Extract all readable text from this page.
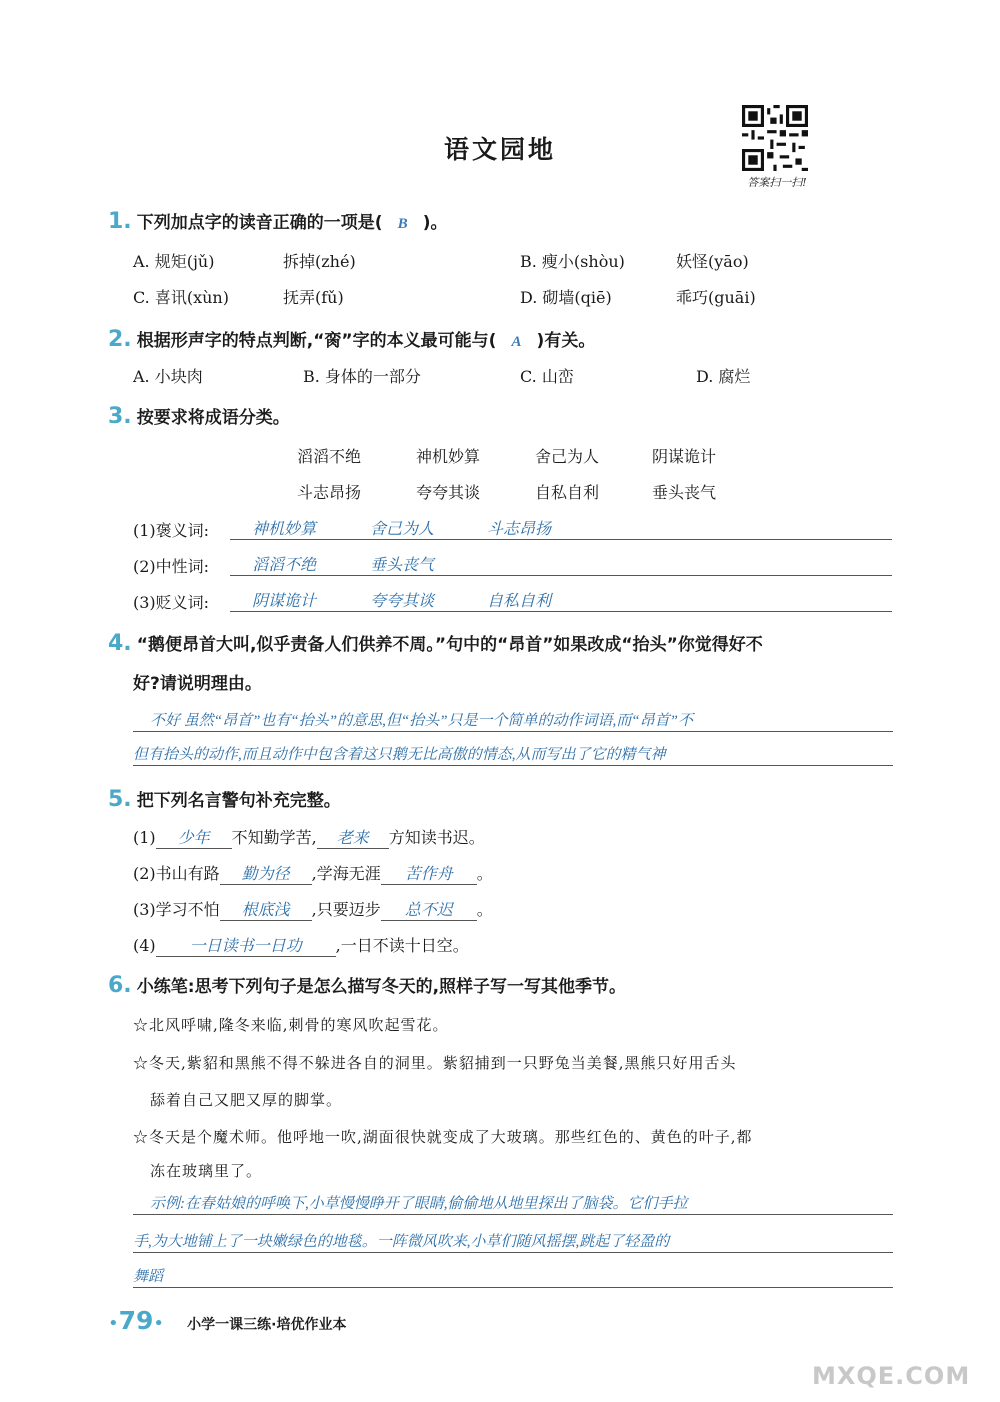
语文园地
答案扫一扫!
1. 下列加点字的读音正确的一项是( B )。
A. 规矩(jǔ)	拆掉(zhé)	B. 瘦小(shòu)	妖怪(yāo)
C. 喜讯(xùn)	抚弄(fǔ)	D. 砌墙(qiē)	乖巧(guāi)
2. 根据形声字的特点判断,“脔”字的本义最可能与( A )有关。
A. 小块肉	B. 身体的一部分	C. 山峦	D. 腐烂
3. 按要求将成语分类。
滔滔不绝	神机妙算	舍己为人	阴谋诡计
斗志昂扬	夸夸其谈	自私自利	垂头丧气
(1)褒义词:	神机妙算	舍己为人	斗志昂扬
(2)中性词:	滔滔不绝	垂头丧气
(3)贬义词:	阴谋诡计	夸夸其谈	自私自利
4. “鹅便昂首大叫,似乎责备人们供养不周。”句中的“昂首”如果改成“抬头”你觉得好不
好?请说明理由。
不好 虽然“昂首”也有“抬头”的意思,但“抬头”只是一个简单的动作词语,而“昂首”不
但有抬头的动作,而且动作中包含着这只鹅无比高傲的情态,从而写出了它的精气神
5. 把下列名言警句补充完整。
(1) 少年 不知勤学苦, 老来 方知读书迟。
(2)书山有路 勤为径 ,学海无涯 苦作舟 。
(3)学习不怕 根底浅 ,只要迈步 总不迟 。
(4) 一日读书一日功 ,一日不读十日空。
6. 小练笔:思考下列句子是怎么描写冬天的,照样子写一写其他季节。
☆北风呼啸,隆冬来临,刺骨的寒风吹起雪花。
☆冬天,紫貂和黑熊不得不躲进各自的洞里。紫貂捕到一只野兔当美餐,黑熊只好用舌头
舔着自己又肥又厚的脚掌。
☆冬天是个魔术师。他呼地一吹,湖面很快就变成了大玻璃。那些红色的、黄色的叶子,都
冻在玻璃里了。
示例:在春姑娘的呼唤下,小草慢慢睁开了眼睛,偷偷地从地里探出了脑袋。它们手拉
手,为大地铺上了一块嫩绿色的地毯。一阵微风吹来,小草们随风摇摆,跳起了轻盈的
舞蹈
•79• 小学一课三练·培优作业本
MXQE.COM
